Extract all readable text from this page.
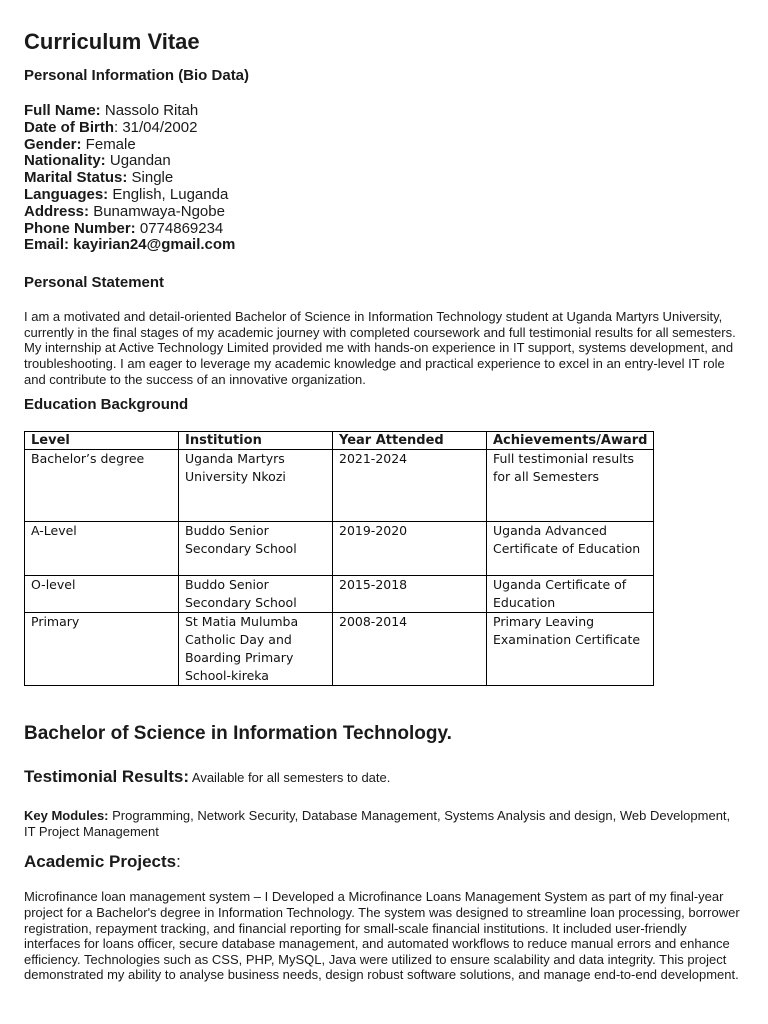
Curriculum Vitae
Personal Information (Bio Data)
Full Name: Nassolo Ritah
Date of Birth: 31/04/2002
Gender: Female
Nationality: Ugandan
Marital Status: Single
Languages: English, Luganda
Address: Bunamwaya-Ngobe
Phone Number: 0774869234
Email: kayirian24@gmail.com
Personal Statement

I am a motivated and detail-oriented Bachelor of Science in Information Technology student at Uganda Martyrs University, currently in the final stages of my academic journey with completed coursework and full testimonial results for all semesters. My internship at Active Technology Limited provided me with hands-on experience in IT support, systems development, and troubleshooting. I am eager to leverage my academic knowledge and practical experience to excel in an entry-level IT role and contribute to the success of an innovative organization.

Education Background
Level	Institution	Year Attended	Achievements/Award
Bachelor’s degree	Uganda Martyrs University Nkozi	2021-2024	Full testimonial results for all Semesters
A-Level	Buddo Senior Secondary School	2019-2020	Uganda Advanced Certificate of Education
O-level	Buddo Senior Secondary School	2015-2018	Uganda Certificate of Education
Primary	St Matia Mulumba Catholic Day and Boarding Primary School-kireka	2008-2014	Primary Leaving Examination Certificate
Bachelor of Science in Information Technology.
Testimonial Results: Available for all semesters to date.

Key Modules: Programming, Network Security, Database Management, Systems Analysis and design, Web Development, IT Project Management

Academic Projects:

Microfinance loan management system – I Developed a Microfinance Loans Management System as part of my final-year project for a Bachelor's degree in Information Technology. The system was designed to streamline loan processing, borrower registration, repayment tracking, and financial reporting for small-scale financial institutions. It included user-friendly interfaces for loans officer, secure database management, and automated workflows to reduce manual errors and enhance efficiency. Technologies such as CSS, PHP, MySQL, Java were utilized to ensure scalability and data integrity. This project demonstrated my ability to analyse business needs, design robust software solutions, and manage end-to-end development.
